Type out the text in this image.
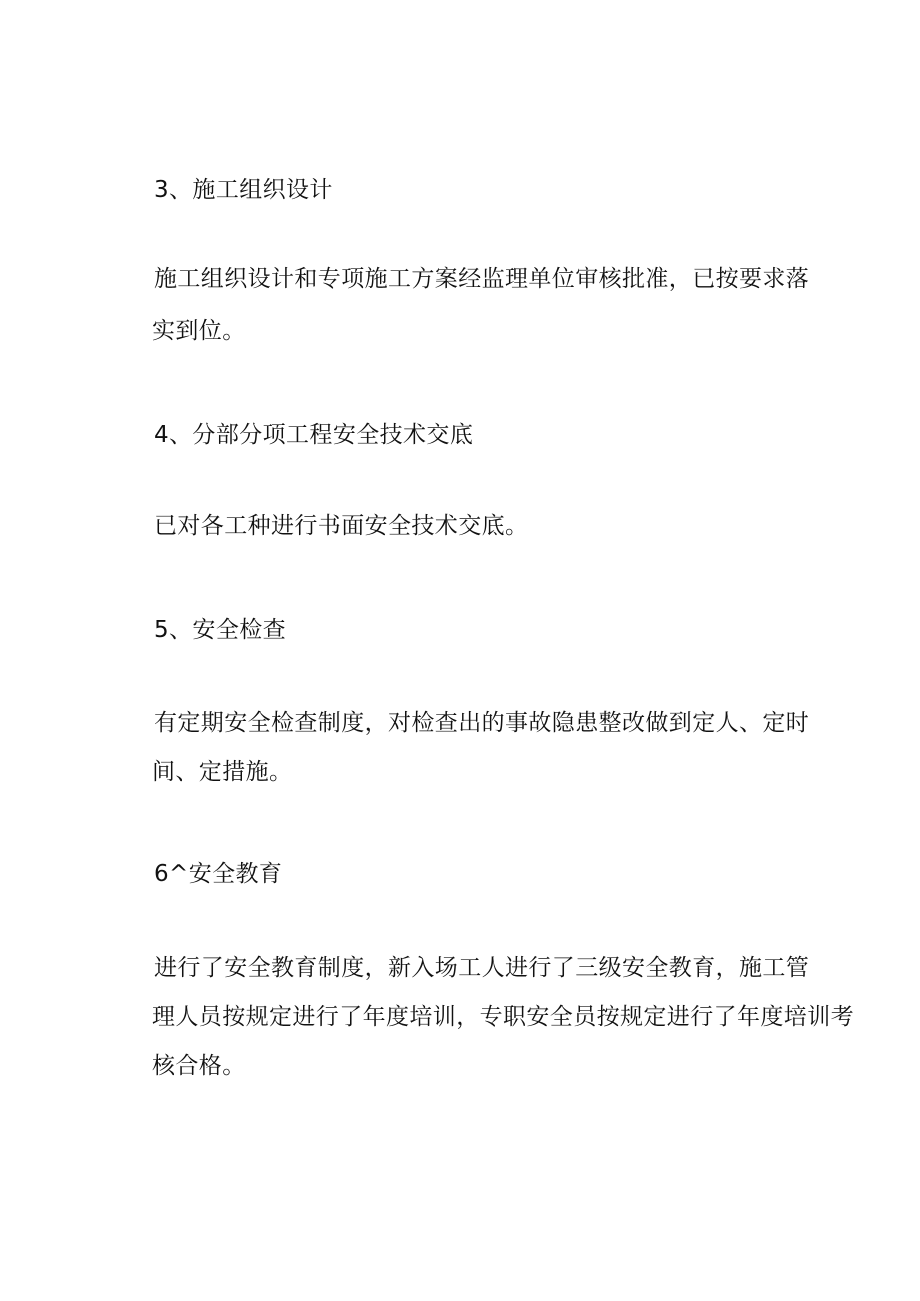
3、施工组织设计

施工组织设计和专项施工方案经监理单位审核批准，已按要求落

实到位。

4、分部分项工程安全技术交底

已对各工种进行书面安全技术交底。

5、安全检查

有定期安全检查制度，对检查出的事故隐患整改做到定人、定时

间、定措施。

6^安全教育

进行了安全教育制度，新入场工人进行了三级安全教育，施工管

理人员按规定进行了年度培训，专职安全员按规定进行了年度培训考

核合格。
